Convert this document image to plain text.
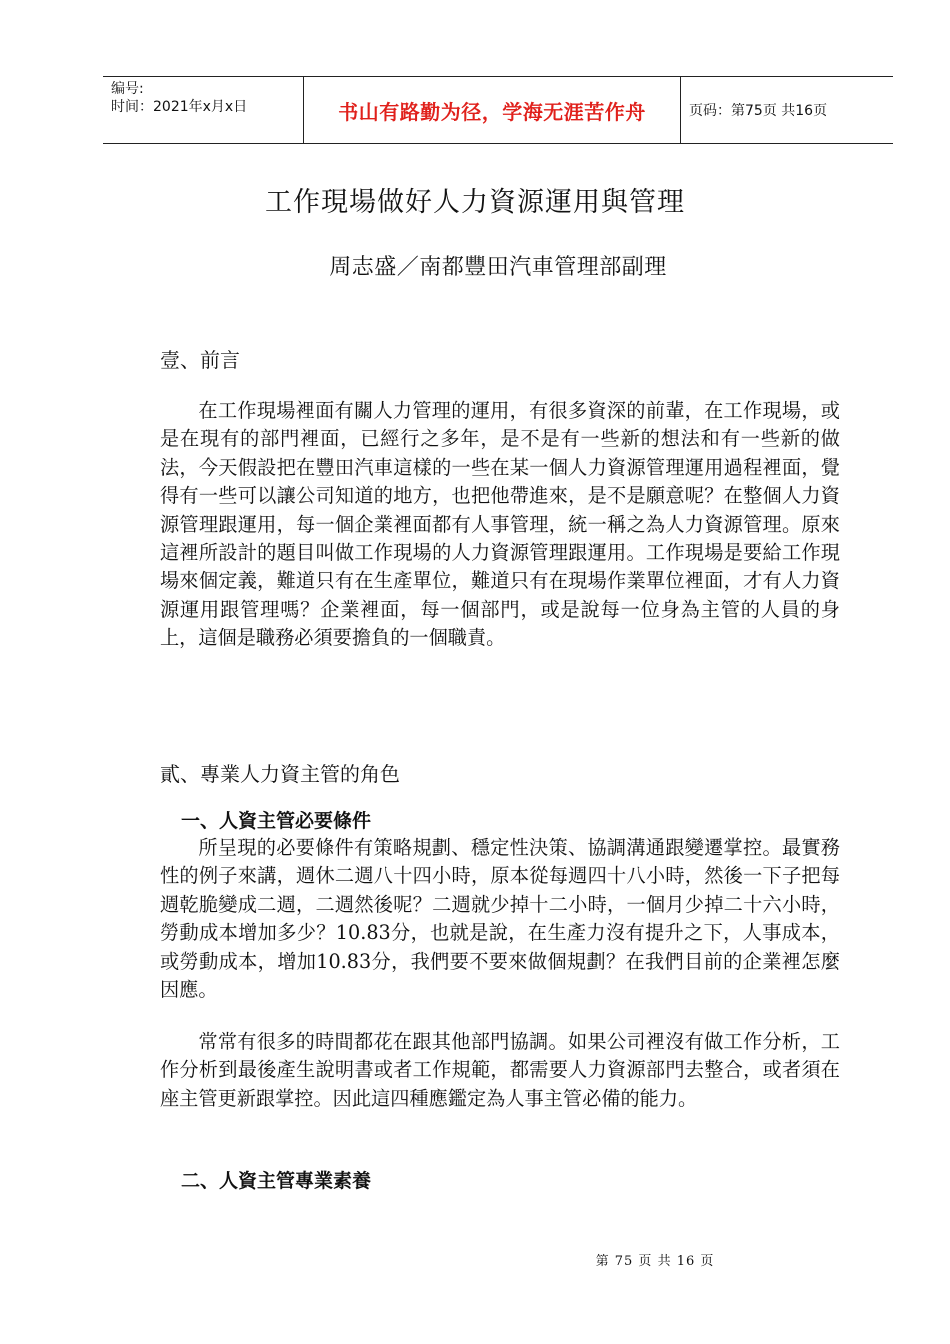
编号:
时间：2021年x月x日	书山有路勤为径，学海无涯苦作舟	页码：第75页 共16页
工作現場做好人力資源運用與管理
周志盛／南都豐田汽車管理部副理
壹、前言

在工作現場裡面有關人力管理的運用，有很多資深的前輩，在工作現場，或是在現有的部門裡面，已經行之多年，是不是有一些新的想法和有一些新的做法，今天假設把在豐田汽車這樣的一些在某一個人力資源管理運用過程裡面，覺得有一些可以讓公司知道的地方，也把他帶進來，是不是願意呢？在整個人力資源管理跟運用，每一個企業裡面都有人事管理，統一稱之為人力資源管理。原來這裡所設計的題目叫做工作現場的人力資源管理跟運用。工作現場是要給工作現場來個定義，難道只有在生產單位，難道只有在現場作業單位裡面，才有人力資源運用跟管理嗎？企業裡面，每一個部門，或是說每一位身為主管的人員的身上，這個是職務必須要擔負的一個職責。

貳、專業人力資主管的角色
一、人資主管必要條件

所呈現的必要條件有策略規劃、穩定性決策、協調溝通跟變遷掌控。最實務性的例子來講，週休二週八十四小時，原本從每週四十八小時，然後一下子把每週乾脆變成二週，二週然後呢？二週就少掉十二小時，一個月少掉二十六小時，勞動成本增加多少？10.83分，也就是說，在生產力沒有提升之下，人事成本，或勞動成本，增加10.83分，我們要不要來做個規劃？在我們目前的企業裡怎麼因應。

常常有很多的時間都花在跟其他部門協調。如果公司裡沒有做工作分析，工作分析到最後產生說明書或者工作規範，都需要人力資源部門去整合，或者須在座主管更新跟掌控。因此這四種應鑑定為人事主管必備的能力。

二、人資主管專業素養
第 75 页 共 16 页
